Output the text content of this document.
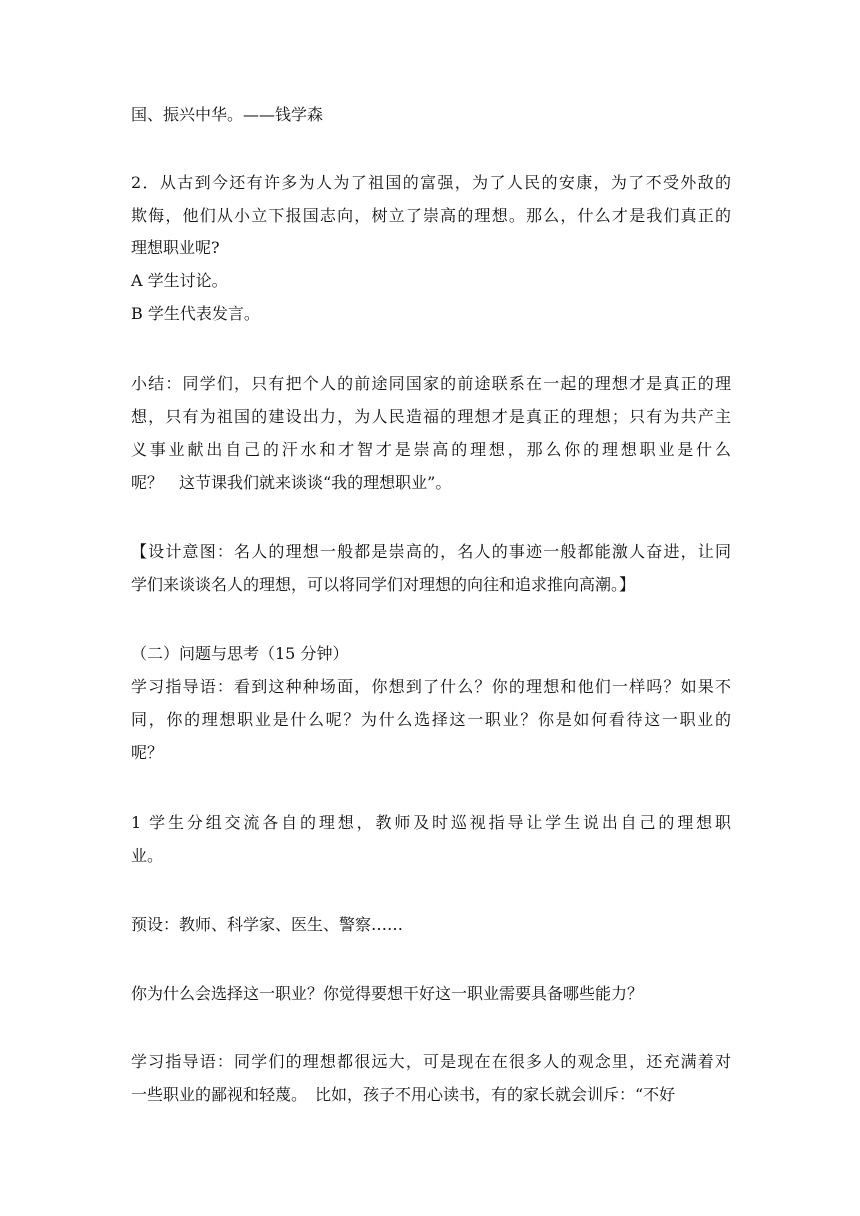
国、振兴中华。——钱学森

2．从古到今还有许多为人为了祖国的富强，为了人民的安康，为了不受外敌的

欺侮，他们从小立下报国志向，树立了崇高的理想。那么，什么才是我们真正的

理想职业呢?

A 学生讨论。

B 学生代表发言。

小结：同学们，只有把个人的前途同国家的前途联系在一起的理想才是真正的理

想，只有为祖国的建设出力，为人民造福的理想才是真正的理想；只有为共产主

义事业献出自己的汗水和才智才是崇高的理想，那么你的理想职业是什么

呢？　这节课我们就来谈谈“我的理想职业”。

【设计意图：名人的理想一般都是崇高的，名人的事迹一般都能激人奋进，让同

学们来谈谈名人的理想，可以将同学们对理想的向往和追求推向高潮。】

（二）问题与思考（15 分钟）

学习指导语：看到这种种场面，你想到了什么？你的理想和他们一样吗？如果不

同，你的理想职业是什么呢？为什么选择这一职业？你是如何看待这一职业的

呢？

1 学生分组交流各自的理想，教师及时巡视指导让学生说出自己的理想职

业。

预设：教师、科学家、医生、警察……

你为什么会选择这一职业？你觉得要想干好这一职业需要具备哪些能力？

学习指导语：同学们的理想都很远大，可是现在在很多人的观念里，还充满着对

一些职业的鄙视和轻蔑。　比如，孩子不用心读书，有的家长就会训斥：“不好
